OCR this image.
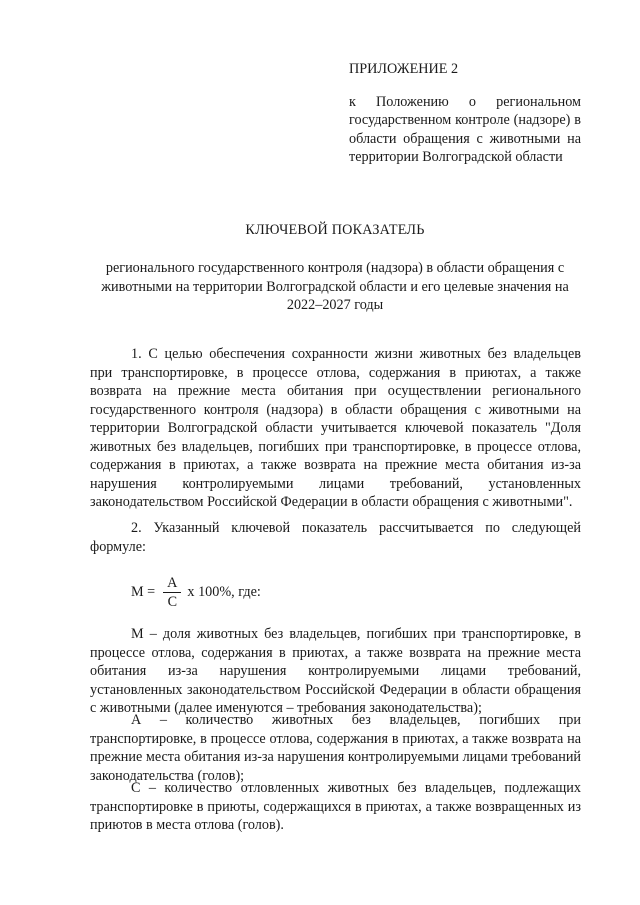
ПРИЛОЖЕНИЕ 2
к Положению о региональном государственном контроле (надзоре) в области обращения с животными на территории Волгоградской области
КЛЮЧЕВОЙ ПОКАЗАТЕЛЬ
регионального государственного контроля (надзора) в области обращения с животными на территории Волгоградской области и его целевые значения на 2022–2027 годы

1. С целью обеспечения сохранности жизни животных без владельцев при транспортировке, в процессе отлова, содержания в приютах, а также возврата на прежние места обитания при осуществлении регионального государственного контроля (надзора) в области обращения с животными на территории Волгоградской области учитывается ключевой показатель "Доля животных без владельцев, погибших при транспортировке, в процессе отлова, содержания в приютах, а также возврата на прежние места обитания из-за нарушения контролируемыми лицами требований, установленных законодательством Российской Федерации в области обращения с животными".

2. Указанный ключевой показатель рассчитывается по следующей формуле:

$М = \frac{А}{С}$ х 100%, где:

М – доля животных без владельцев, погибших при транспортировке, в процессе отлова, содержания в приютах, а также возврата на прежние места обитания из-за нарушения контролируемыми лицами требований, установленных законодательством Российской Федерации в области обращения с животными (далее именуются – требования законодательства);

А – количество животных без владельцев, погибших при транспортировке, в процессе отлова, содержания в приютах, а также возврата на прежние места обитания из-за нарушения контролируемыми лицами требований законодательства (голов);

С – количество отловленных животных без владельцев, подлежащих транспортировке в приюты, содержащихся в приютах, а также возвращенных из приютов в места отлова (голов).
